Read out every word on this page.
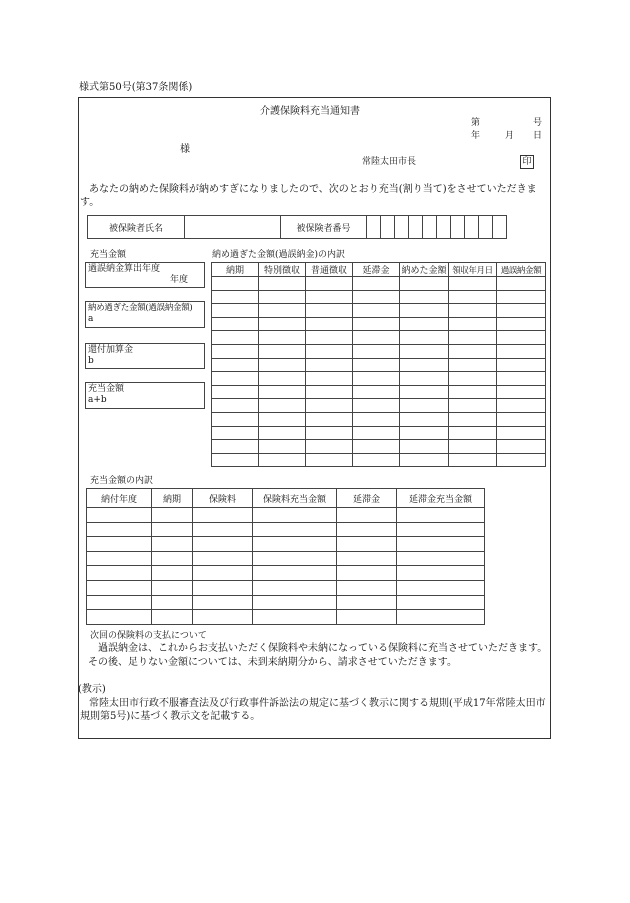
様式第50号(第37条関係)
介護保険料充当通知書
第	号
年	月 日
様
常陸太田市長	印
あなたの納めた保険料が納めすぎになりましたので、次のとおり充当(割り当て)をさせていただきます。
被保険者氏名		被保険者番号										
充当金額
過誤納金算出年度
年度
納め過ぎた金額(過誤納金額)
a
還付加算金
b
充当金額
a+b
納め過ぎた金額(過誤納金)の内訳
納期	特別徴収	普通徴収	延滞金	納めた金額	領収年月日	過誤納金額

充当金額の内訳
納付年度	納期	保険料	保険料充当金額	延滞金	延滞金充当金額

次回の保険料の支払について
過誤納金は、これからお支払いただく保険料や未納になっている保険料に充当させていただきます。
その後、足りない金額については、未到来納期分から、請求させていただきます。
(教示)
常陸太田市行政不服審査法及び行政事件訴訟法の規定に基づく教示に関する規則(平成17年常陸太田市規則第5号)に基づく教示文を記載する。
